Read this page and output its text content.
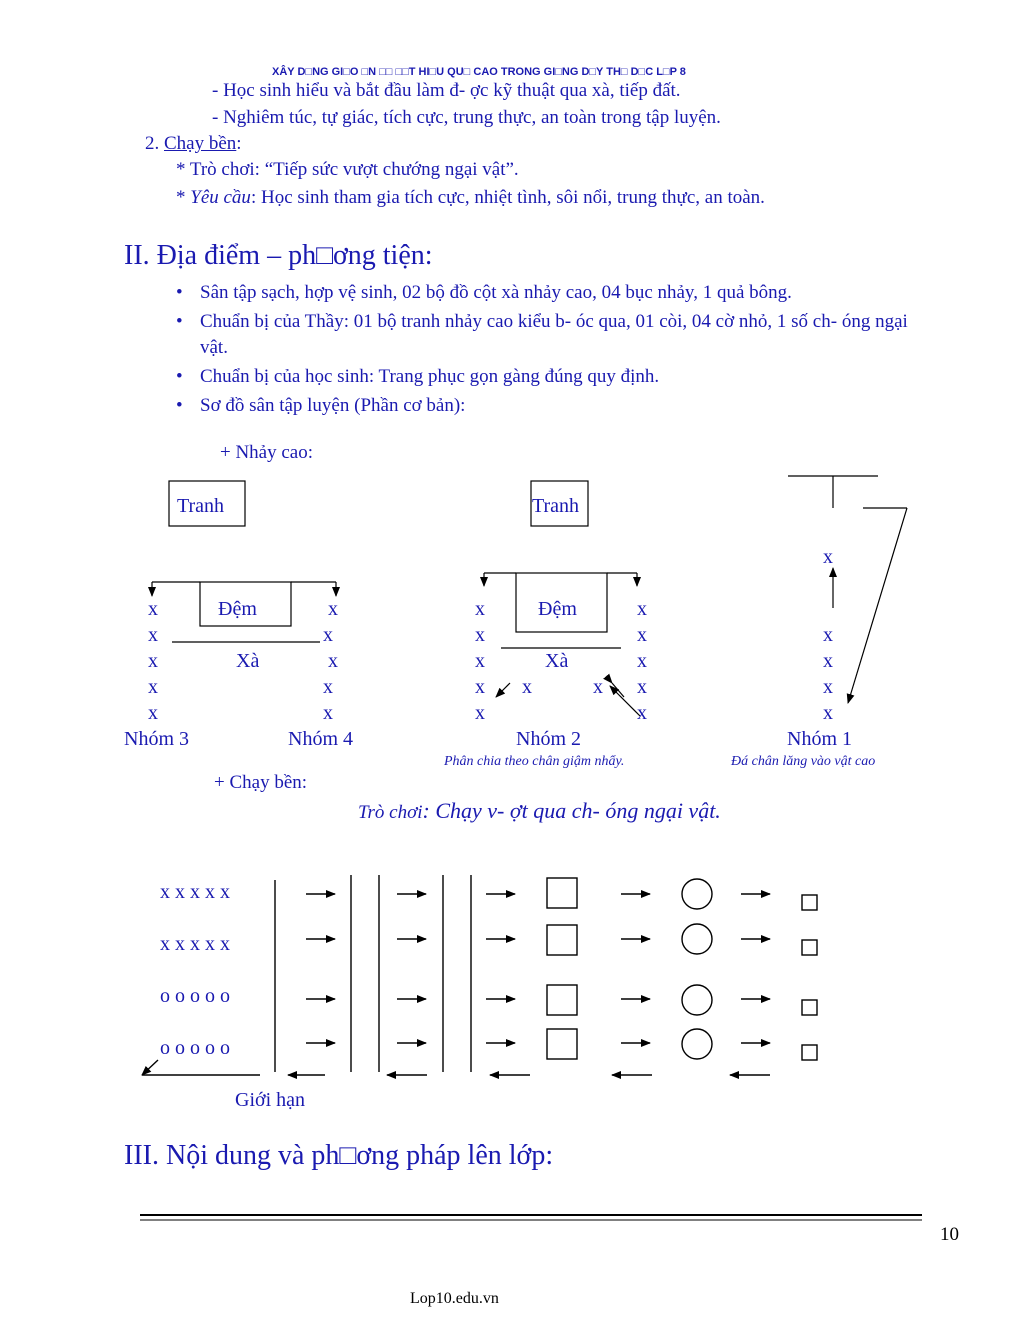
XÂY D□NG GI□O □N □□ □□T HI□U QU□ CAO TRONG GI□NG D□Y TH□ D□C L□P 8
- Học sinh hiểu và bắt đầu làm đ- ợc kỹ thuật qua xà, tiếp đất.
- Nghiêm túc, tự giác, tích cực, trung thực, an toàn trong tập luyện.
2. Chạy bền:
* Trò chơi: “Tiếp sức vượt chướng ngại vật”.
* Yêu cầu: Học sinh tham gia tích cực, nhiệt tình, sôi nổi, trung thực, an toàn.
II. Địa điểm – ph□ơng tiện:
• Sân tập sạch, hợp vệ sinh, 02 bộ đồ cột xà nhảy cao, 04 bục nhảy, 1 quả bông.
• Chuẩn bị của Thầy: 01 bộ tranh nhảy cao kiểu b- óc qua, 01 còi, 04 cờ nhỏ, 1 số ch- óng ngại vật.
• Chuẩn bị của học sinh: Trang phục gọn gàng đúng quy định.
• Sơ đồ sân tập luyện (Phần cơ bản):
+ Nhảy cao:
Tranh	Tranh
Đệm	Đệm
Xà	Xà
x
x
x
x
x
x
x
x
x
x
x
x
x
x
x
x
x
x
x
x
x	x
x
x
x
x
x
Nhóm 3	Nhóm 4	Nhóm 2	Nhóm 1
Phân chia theo chân giậm nhẩy.	Đá chân lăng vào vật cao
+ Chạy bền:
Trò chơi: Chạy v- ợt qua ch- óng ngại vật.
x x x x x
x x x x x
o o o o o
o o o o o
Giới hạn
III. Nội dung và ph□ơng pháp lên lớp:
10
Lop10.edu.vn
